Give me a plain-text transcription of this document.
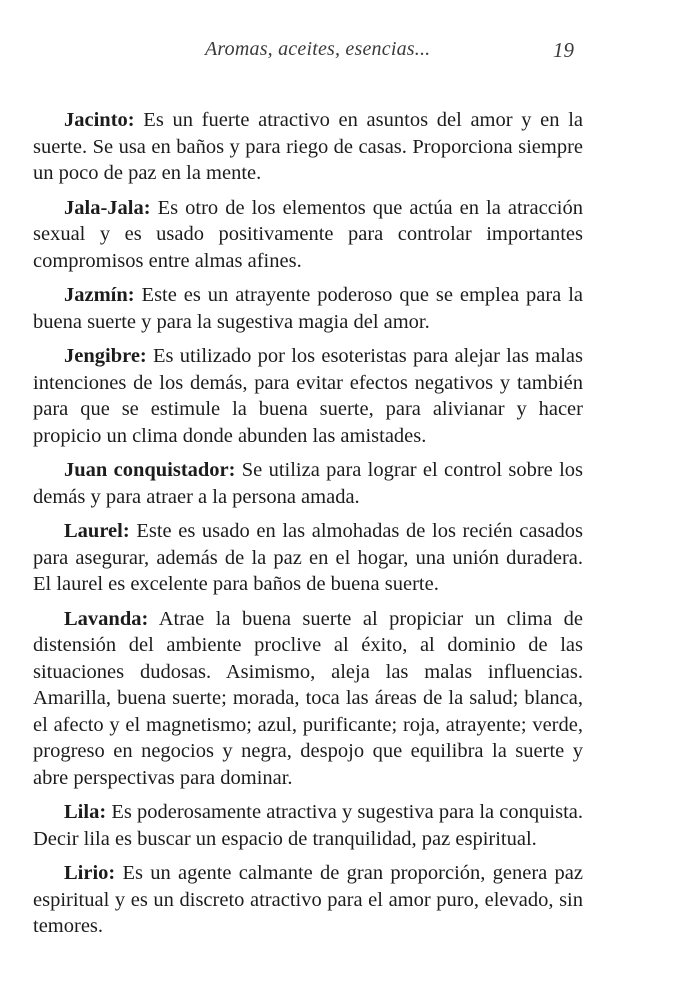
Aromas, aceites, esencias...	19

Jacinto: Es un fuerte atractivo en asuntos del amor y en la suerte. Se usa en baños y para riego de casas. Proporciona siempre un poco de paz en la mente.

Jala-Jala: Es otro de los elementos que actúa en la atracción sexual y es usado positivamente para controlar importantes compromisos entre almas afines.

Jazmín: Este es un atrayente poderoso que se emplea para la buena suerte y para la sugestiva magia del amor.

Jengibre: Es utilizado por los esoteristas para alejar las malas intenciones de los demás, para evitar efectos negativos y también para que se estimule la buena suerte, para alivianar y hacer propicio un clima donde abunden las amistades.

Juan conquistador: Se utiliza para lograr el control sobre los demás y para atraer a la persona amada.

Laurel: Este es usado en las almohadas de los recién casados para asegurar, además de la paz en el hogar, una unión duradera. El laurel es excelente para baños de buena suerte.

Lavanda: Atrae la buena suerte al propiciar un clima de distensión del ambiente proclive al éxito, al dominio de las situaciones dudosas. Asimismo, aleja las malas influencias. Amarilla, buena suerte; morada, toca las áreas de la salud; blanca, el afecto y el magnetismo; azul, purificante; roja, atrayente; verde, progreso en negocios y negra, despojo que equilibra la suerte y abre perspectivas para dominar.

Lila: Es poderosamente atractiva y sugestiva para la conquista. Decir lila es buscar un espacio de tranquilidad, paz espiritual.

Lirio: Es un agente calmante de gran proporción, genera paz espiritual y es un discreto atractivo para el amor puro, elevado, sin temores.
